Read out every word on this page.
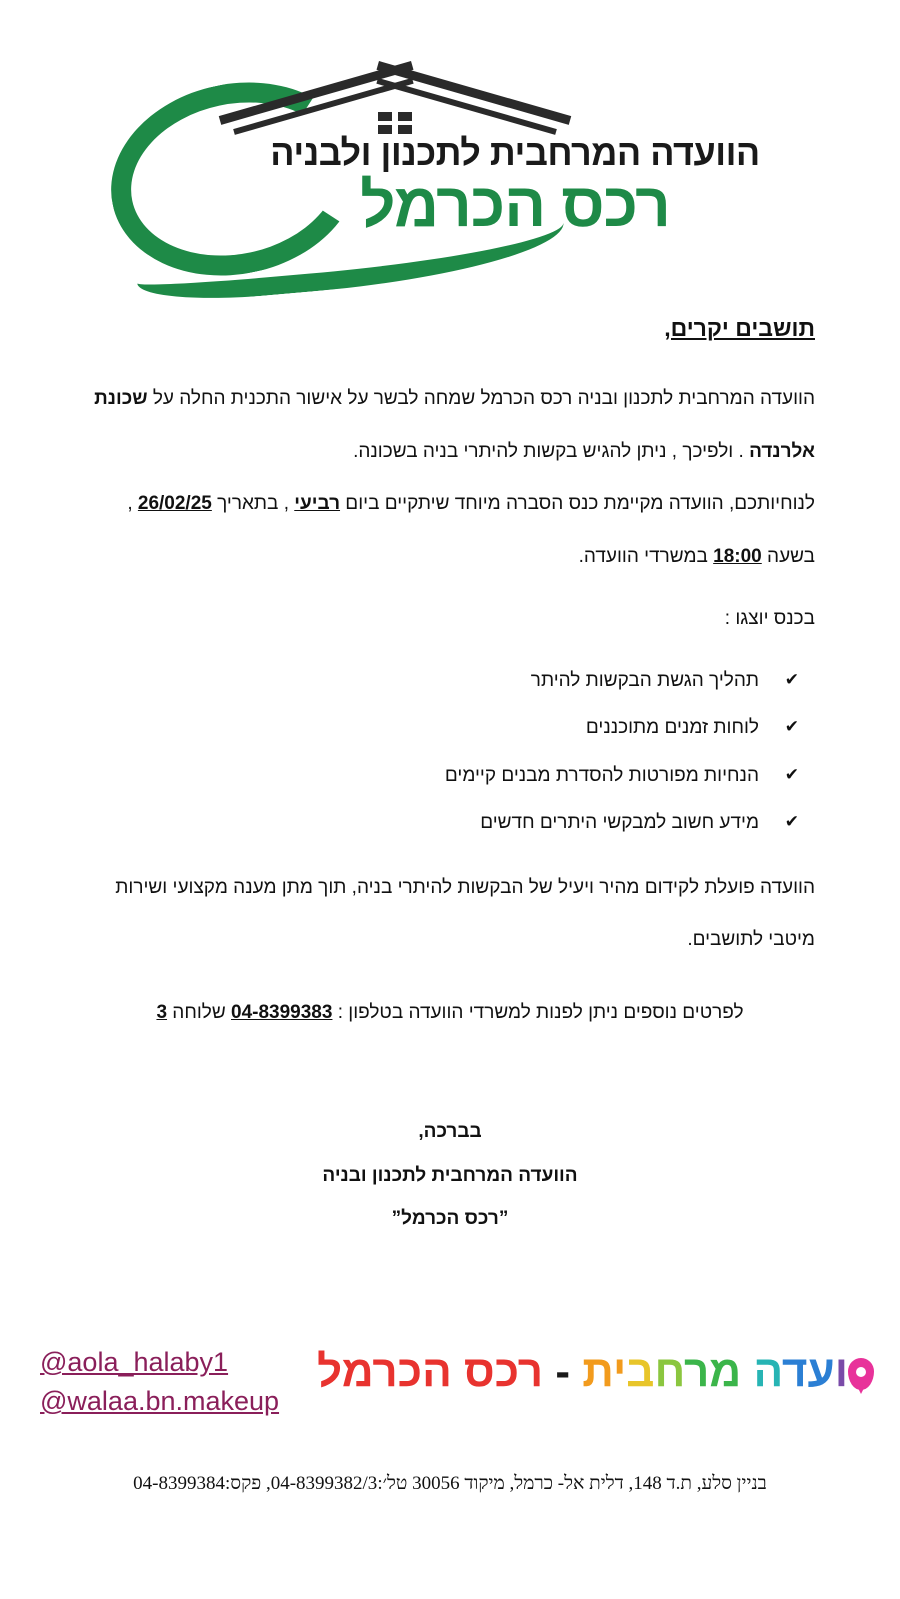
הוועדה המרחבית לתכנון ולבניה
רכס הכרמל
תושבים יקרים,

הוועדה המרחבית לתכנון ובניה רכס הכרמל שמחה לבשר על אישור התכנית החלה על שכונת

אלרנדה . ולפיכך , ניתן להגיש בקשות להיתרי בניה בשכונה.

לנוחיותכם, הוועדה מקיימת כנס הסברה מיוחד שיתקיים ביום רביעי , בתאריך 26/02/25 ,

בשעה 18:00 במשרדי הוועדה.

בכנס יוצגו :

✔ תהליך הגשת הבקשות להיתר
✔ לוחות זמנים מתוכננים
✔ הנחיות מפורטות להסדרת מבנים קיימים
✔ מידע חשוב למבקשי היתרים חדשים

הוועדה פועלת לקידום מהיר ויעיל של הבקשות להיתרי בניה, תוך מתן מענה מקצועי ושירות

מיטבי לתושבים.

לפרטים נוספים ניתן לפנות למשרדי הוועדה בטלפון : 04-8399383 שלוחה 3

בברכה,
הוועדה המרחבית לתכנון ובניה
”רכס הכרמל”
ועדה מרחבית - רכס הכרמל
@aola_halaby1
@walaa.bn.makeup
בניין סלע, ת.ד 148, דלית אל- כרמל, מיקוד 30056 טל׳:04-8399382/3, פקס:04-8399384
